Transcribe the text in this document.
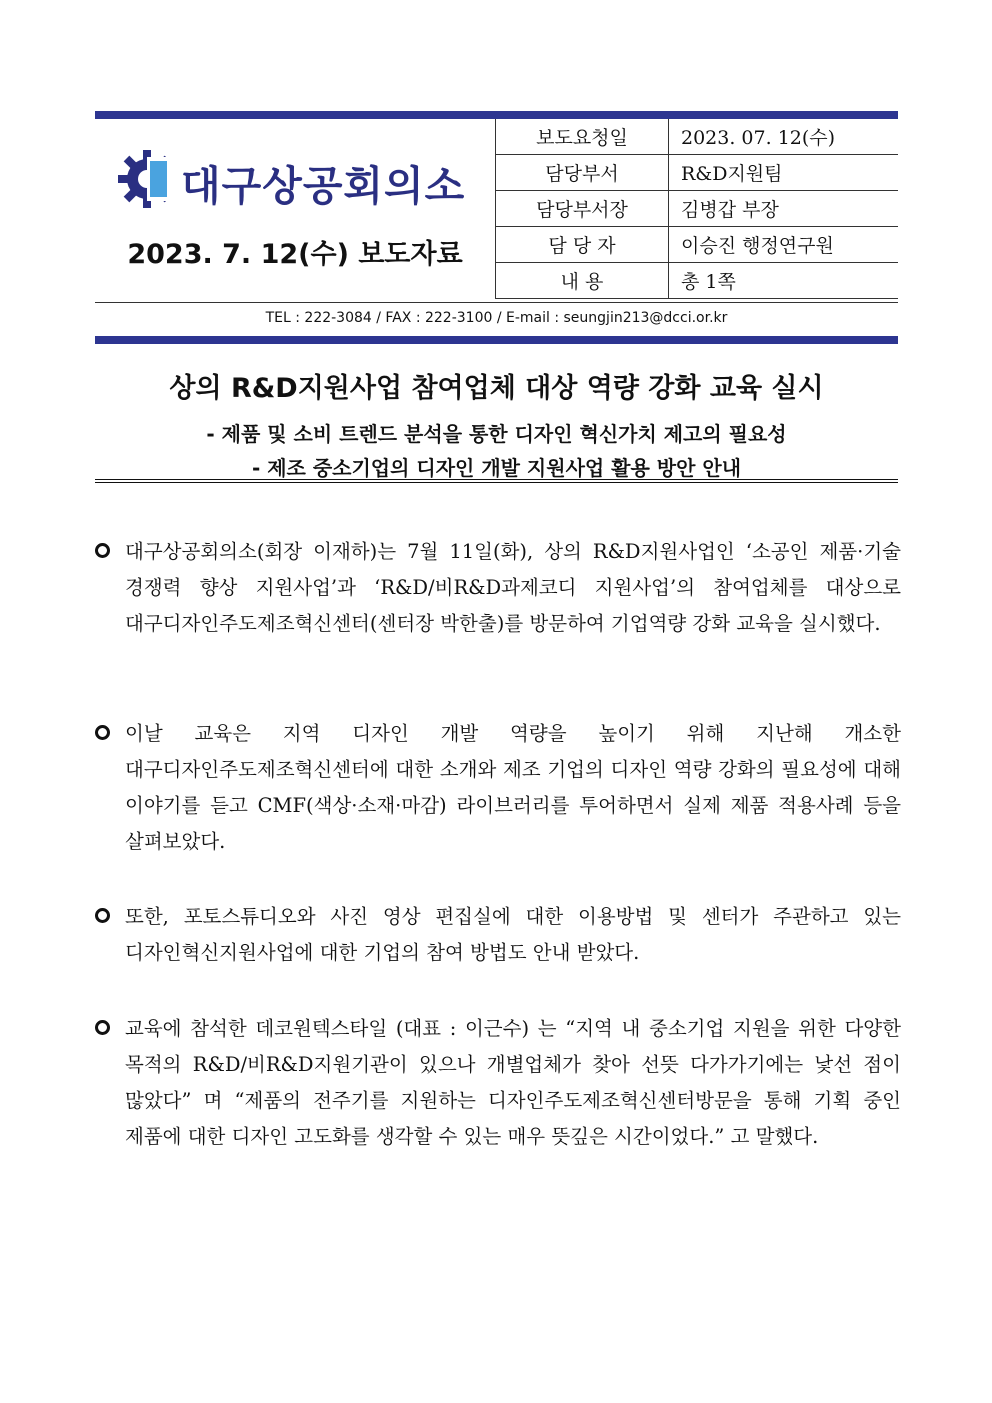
대구상공회의소
2023. 7. 12(수) 보도자료
보도요청일	2023. 07. 12(수)
담당부서	R&D지원팀
담당부서장	김병갑 부장
담 당 자	이승진 행정연구원
내 용	총 1쪽
TEL : 222-3084 / FAX : 222-3100 / E-mail : seungjin213@dcci.or.kr
상의 R&D지원사업 참여업체 대상 역량 강화 교육 실시
- 제품 및 소비 트렌드 분석을 통한 디자인 혁신가치 제고의 필요성
- 제조 중소기업의 디자인 개발 지원사업 활용 방안 안내
대구상공회의소(회장 이재하)는 7월 11일(화), 상의 R&D지원사업인 ‘소공인 제품·기술 경쟁력 향상 지원사업’과 ‘R&D/비R&D과제코디 지원사업’의 참여업체를 대상으로 대구디자인주도제조혁신센터(센터장 박한출)를 방문하여 기업역량 강화 교육을 실시했다.
이날 교육은 지역 디자인 개발 역량을 높이기 위해 지난해 개소한 대구디자인주도제조혁신센터에 대한 소개와 제조 기업의 디자인 역량 강화의 필요성에 대해 이야기를 듣고 CMF(색상·소재·마감) 라이브러리를 투어하면서 실제 제품 적용사례 등을 살펴보았다.
또한, 포토스튜디오와 사진 영상 편집실에 대한 이용방법 및 센터가 주관하고 있는 디자인혁신지원사업에 대한 기업의 참여 방법도 안내 받았다.
교육에 참석한 데코원텍스타일 (대표 : 이근수) 는 “지역 내 중소기업 지원을 위한 다양한 목적의 R&D/비R&D지원기관이 있으나 개별업체가 찾아 선뜻 다가가기에는 낯선 점이 많았다” 며 “제품의 전주기를 지원하는 디자인주도제조혁신센터방문을 통해 기획 중인 제품에 대한 디자인 고도화를 생각할 수 있는 매우 뜻깊은 시간이었다.” 고 말했다.
